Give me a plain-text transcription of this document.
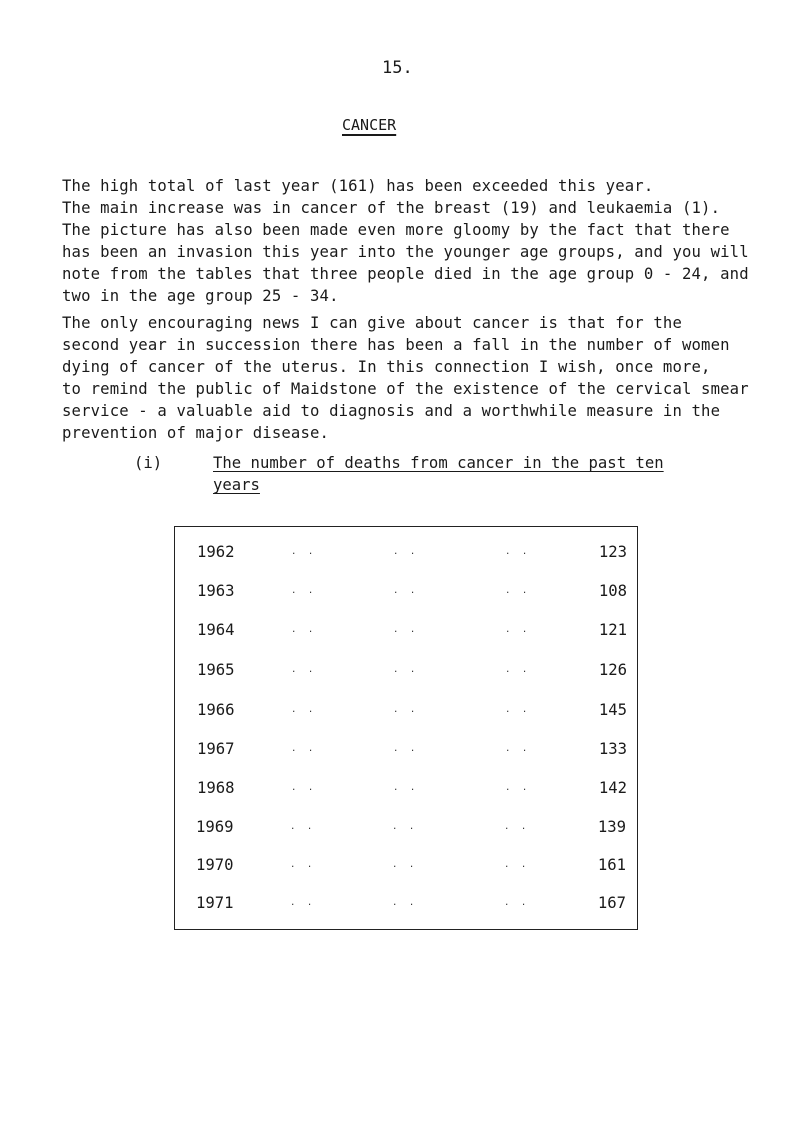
15.
CANCER

The high total of last year (161) has been exceeded this year.
The main increase was in cancer of the breast (19) and leukaemia (1).
The picture has also been made even more gloomy by the fact that there
has been an invasion this year into the younger age groups, and you will
note from the tables that three people died in the age group 0 - 24, and
two in the age group 25 - 34.

The only encouraging news I can give about cancer is that for the
second year in succession there has been a fall in the number of women
dying of cancer of the uterus. In this connection I wish, once more,
to remind the public of Maidstone of the existence of the cervical smear
service - a valuable aid to diagnosis and a worthwhile measure in the
prevention of major disease.

(i)	The number of deaths from cancer in the past ten years

1962	. .	. .	. .	123
1963	. .	. .	. .	108
1964	. .	. .	. .	121
1965	. .	. .	. .	126
1966	. .	. .	. .	145
1967	. .	. .	. .	133
1968	. .	. .	. .	142
1969	. .	. .	. .	139
1970	. .	. .	. .	161
1971	. .	. .	. .	167
